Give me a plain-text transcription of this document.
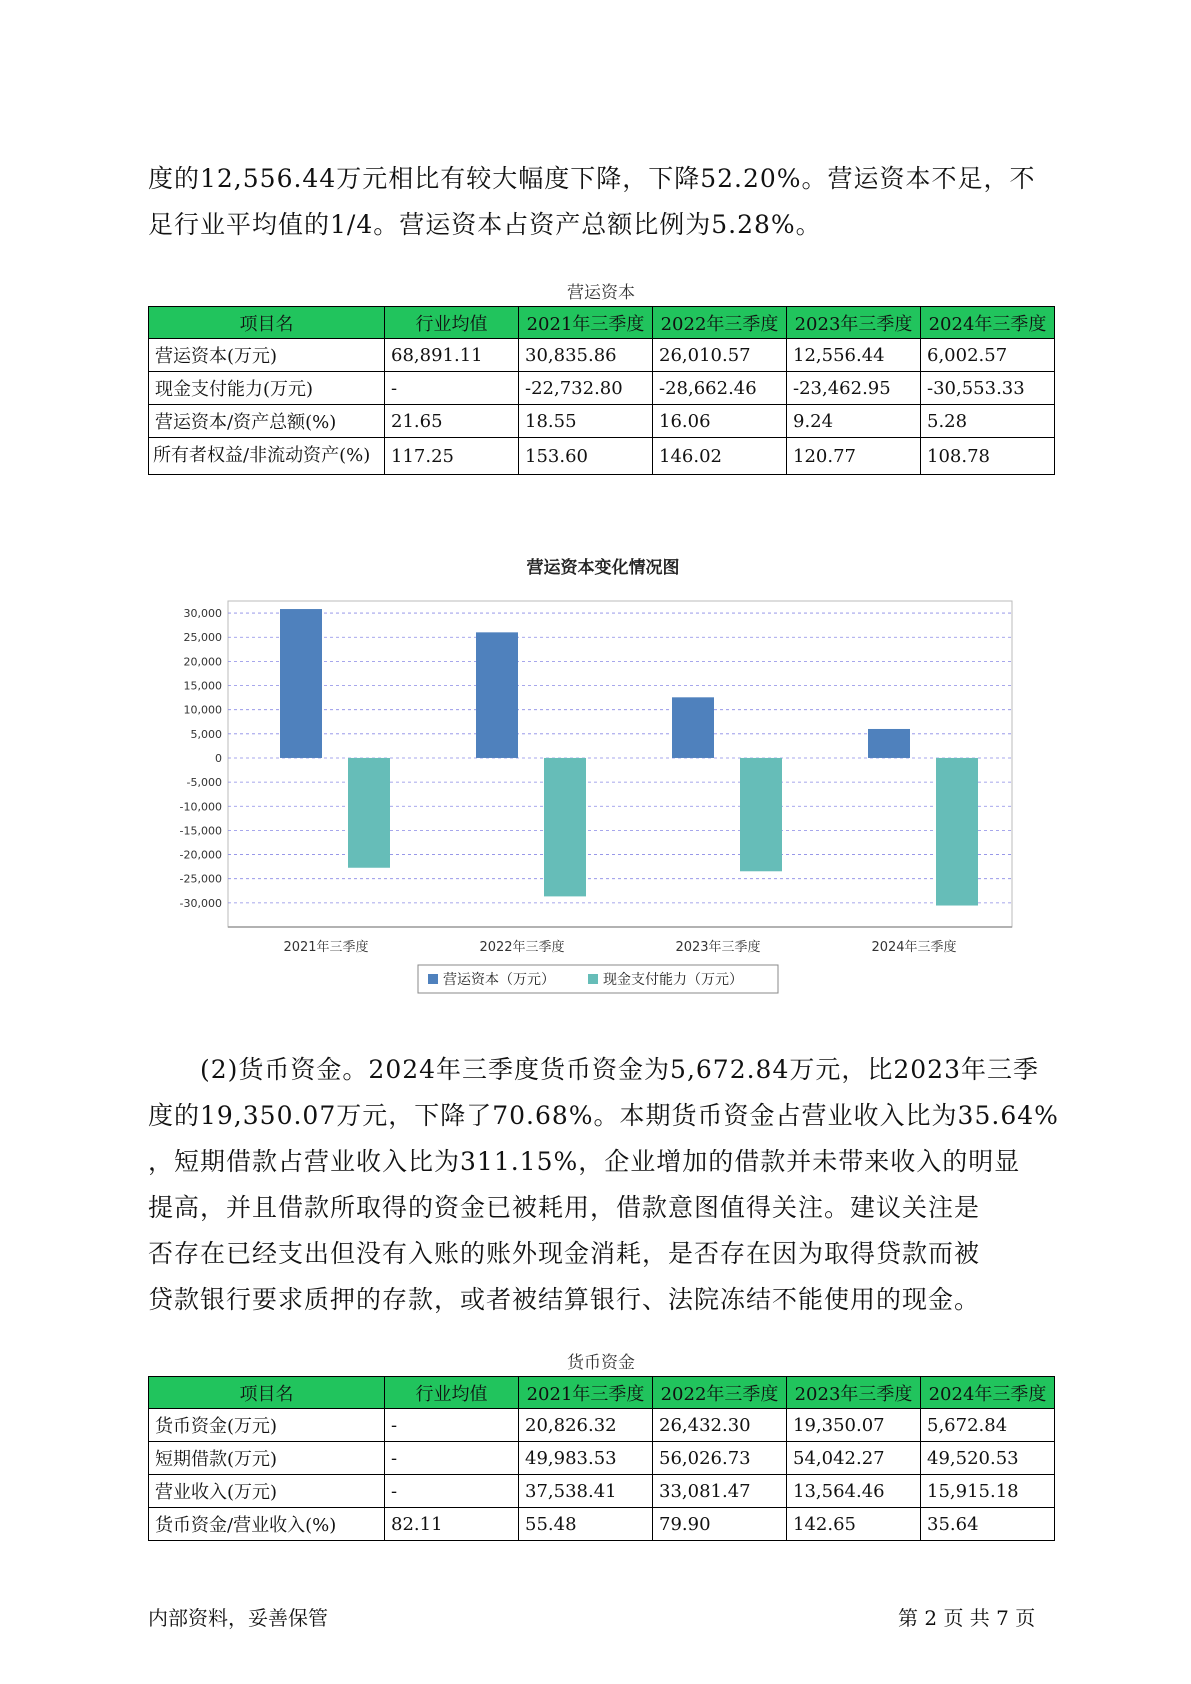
度的12,556.44万元相比有较大幅度下降，下降52.20%。营运资本不足，不
足行业平均值的1/4。营运资本占资产总额比例为5.28%。

营运资本

项目名	行业均值	2021年三季度	2022年三季度	2023年三季度	2024年三季度
营运资本(万元)	68,891.11	30,835.86	26,010.57	12,556.44	6,002.57
现金支付能力(万元)	-	-22,732.80	-28,662.46	-23,462.95	-30,553.33
营运资本/资产总额(%)	21.65	18.55	16.06	9.24	5.28
所有者权益/非流动资产(%)	117.25	153.60	146.02	120.77	108.78
营运资本变化情况图
30,000
25,000
20,000
15,000
10,000
5,000
0
-5,000
-10,000
-15,000
-20,000
-25,000
-30,000
2021年三季度	2022年三季度	2023年三季度	2024年三季度
营运资本（万元）	现金支付能力（万元）

(2)货币资金。2024年三季度货币资金为5,672.84万元，比2023年三季
度的19,350.07万元，下降了70.68%。本期货币资金占营业收入比为35.64%
，短期借款占营业收入比为311.15%，企业增加的借款并未带来收入的明显
提高，并且借款所取得的资金已被耗用，借款意图值得关注。建议关注是
否存在已经支出但没有入账的账外现金消耗，是否存在因为取得贷款而被
贷款银行要求质押的存款，或者被结算银行、法院冻结不能使用的现金。

货币资金

项目名	行业均值	2021年三季度	2022年三季度	2023年三季度	2024年三季度
货币资金(万元)	-	20,826.32	26,432.30	19,350.07	5,672.84
短期借款(万元)	-	49,983.53	56,026.73	54,042.27	49,520.53
营业收入(万元)	-	37,538.41	33,081.47	13,564.46	15,915.18
货币资金/营业收入(%)	82.11	55.48	79.90	142.65	35.64

内部资料，妥善保管	第 2 页 共 7 页
